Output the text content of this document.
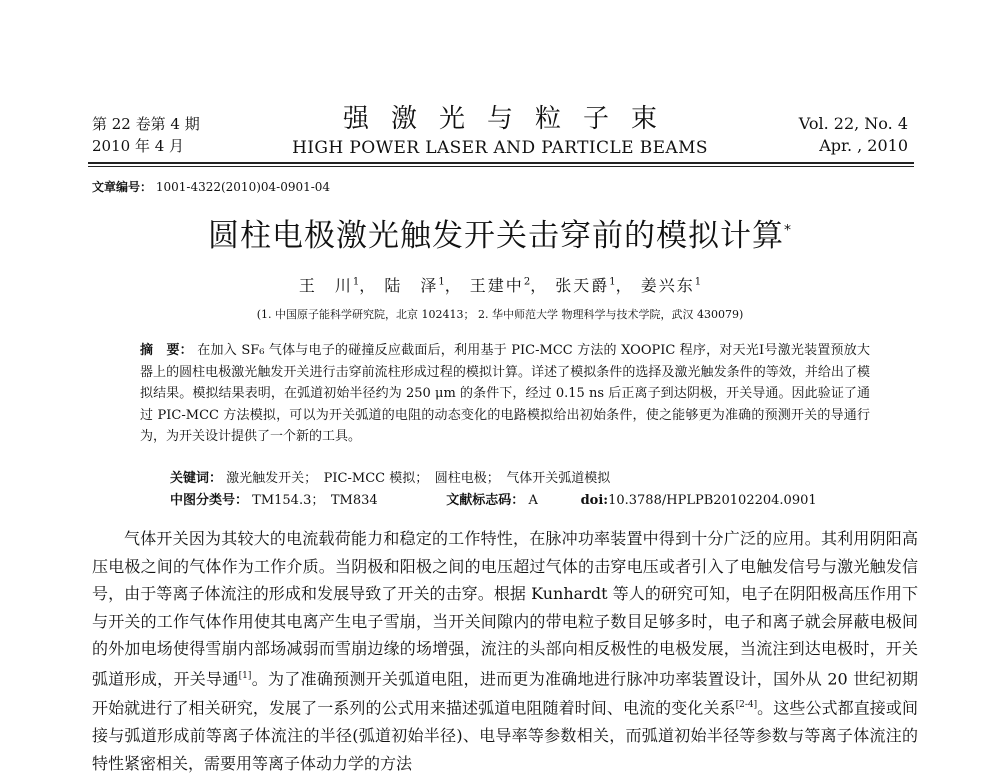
第 22 卷第 4 期
2010 年 4 月
强激光与粒子束
HIGH POWER LASER AND PARTICLE BEAMS
Vol. 22, No. 4
Apr. , 2010
文章编号： 1001-4322(2010)04-0901-04
圆柱电极激光触发开关击穿前的模拟计算*
王　川$^1$， 陆　泽$^1$， 王建中$^2$， 张天爵$^1$， 姜兴东$^1$
(1. 中国原子能科学研究院，北京 102413； 2. 华中师范大学 物理科学与技术学院，武汉 430079)
摘　要： 在加入 SF₆ 气体与电子的碰撞反应截面后，利用基于 PIC-MCC 方法的 XOOPIC 程序，对天光Ⅰ号激光装置预放大器上的圆柱电极激光触发开关进行击穿前流柱形成过程的模拟计算。详述了模拟条件的选择及激光触发条件的等效，并给出了模拟结果。模拟结果表明，在弧道初始半径约为 250 μm 的条件下，经过 0.15 ns 后正离子到达阴极，开关导通。因此验证了通过 PIC-MCC 方法模拟，可以为开关弧道的电阻的动态变化的电路模拟给出初始条件，使之能够更为准确的预测开关的导通行为，为开关设计提供了一个新的工具。
关键词： 激光触发开关；　PIC-MCC 模拟；　圆柱电极；　气体开关弧道模拟
中图分类号： TM154.3；　TM834	文献标志码： A	doi:10.3788/HPLPB20102204.0901

气体开关因为其较大的电流载荷能力和稳定的工作特性，在脉冲功率装置中得到十分广泛的应用。其利用阴阳高压电极之间的气体作为工作介质。当阴极和阳极之间的电压超过气体的击穿电压或者引入了电触发信号与激光触发信号，由于等离子体流注的形成和发展导致了开关的击穿。根据 Kunhardt 等人的研究可知，电子在阴阳极高压作用下与开关的工作气体作用使其电离产生电子雪崩，当开关间隙内的带电粒子数目足够多时，电子和离子就会屏蔽电极间的外加电场使得雪崩内部场减弱而雪崩边缘的场增强，流注的头部向相反极性的电极发展，当流注到达电极时，开关弧道形成，开关导通[1]。为了准确预测开关弧道电阻，进而更为准确地进行脉冲功率装置设计，国外从 20 世纪初期开始就进行了相关研究，发展了一系列的公式用来描述弧道电阻随着时间、电流的变化关系[2-4]。这些公式都直接或间接与弧道形成前等离子体流注的半径(弧道初始半径)、电导率等参数相关，而弧道初始半径等参数与等离子体流注的特性紧密相关，需要用等离子体动力学的方法
